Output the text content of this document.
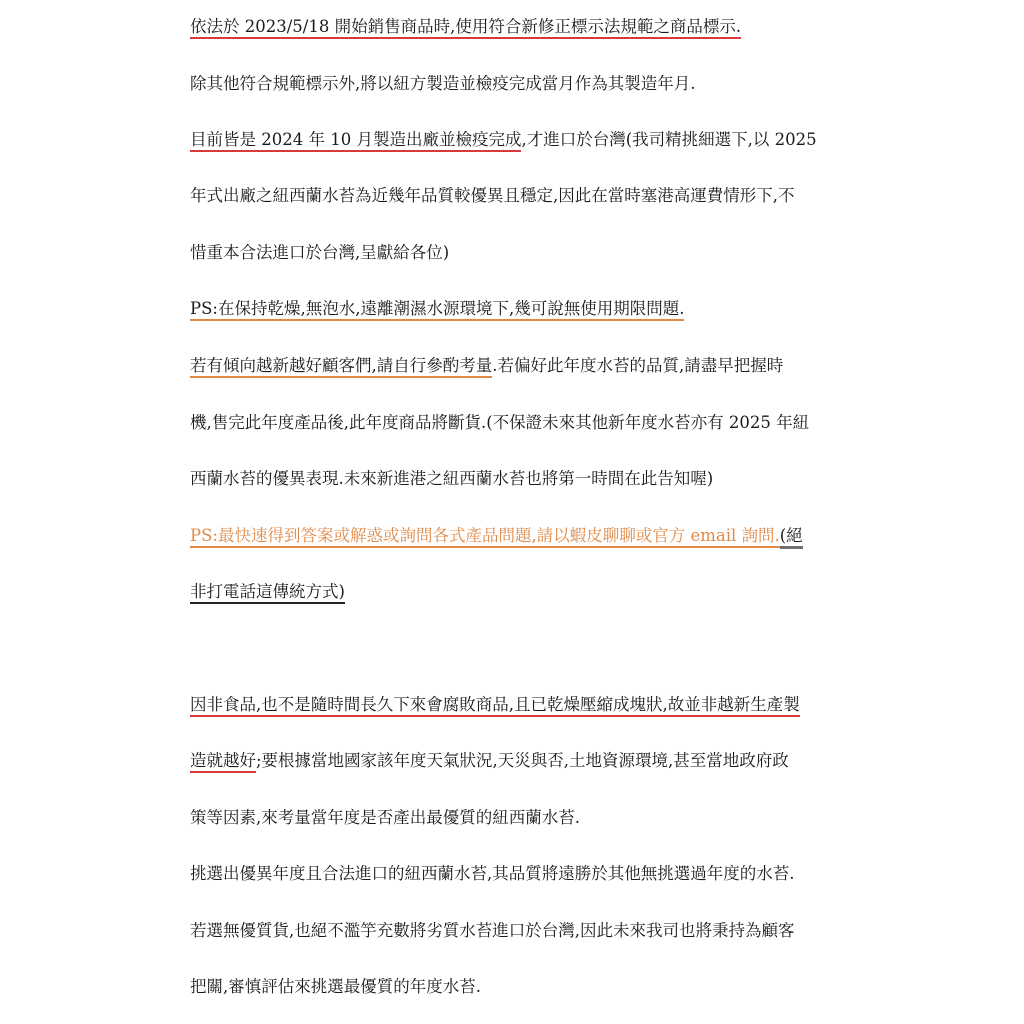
依法於 2023/5/18 開始銷售商品時,使用符合新修正標示法規範之商品標示.

除其他符合規範標示外,將以紐方製造並檢疫完成當月作為其製造年月.

目前皆是 2024 年 10 月製造出廠並檢疫完成,才進口於台灣(我司精挑細選下,以 2025

年式出廠之紐西蘭水苔為近幾年品質較優異且穩定,因此在當時塞港高運費情形下,不

惜重本合法進口於台灣,呈獻給各位)

PS:在保持乾燥,無泡水,遠離潮濕水源環境下,幾可說無使用期限問題.

若有傾向越新越好顧客們,請自行參酌考量.若偏好此年度水苔的品質,請盡早把握時

機,售完此年度產品後,此年度商品將斷貨.(不保證未來其他新年度水苔亦有 2025 年紐

西蘭水苔的優異表現.未來新進港之紐西蘭水苔也將第一時間在此告知喔)

PS:最快速得到答案或解惑或詢問各式產品問題,請以蝦皮聊聊或官方 email 詢問.(絕

非打電話這傳統方式)

因非食品,也不是隨時間長久下來會腐敗商品,且已乾燥壓縮成塊狀,故並非越新生產製

造就越好;要根據當地國家該年度天氣狀況,天災與否,土地資源環境,甚至當地政府政

策等因素,來考量當年度是否產出最優質的紐西蘭水苔.

挑選出優異年度且合法進口的紐西蘭水苔,其品質將遠勝於其他無挑選過年度的水苔.

若選無優質貨,也絕不濫竽充數將劣質水苔進口於台灣,因此未來我司也將秉持為顧客

把關,審慎評估來挑選最優質的年度水苔.
